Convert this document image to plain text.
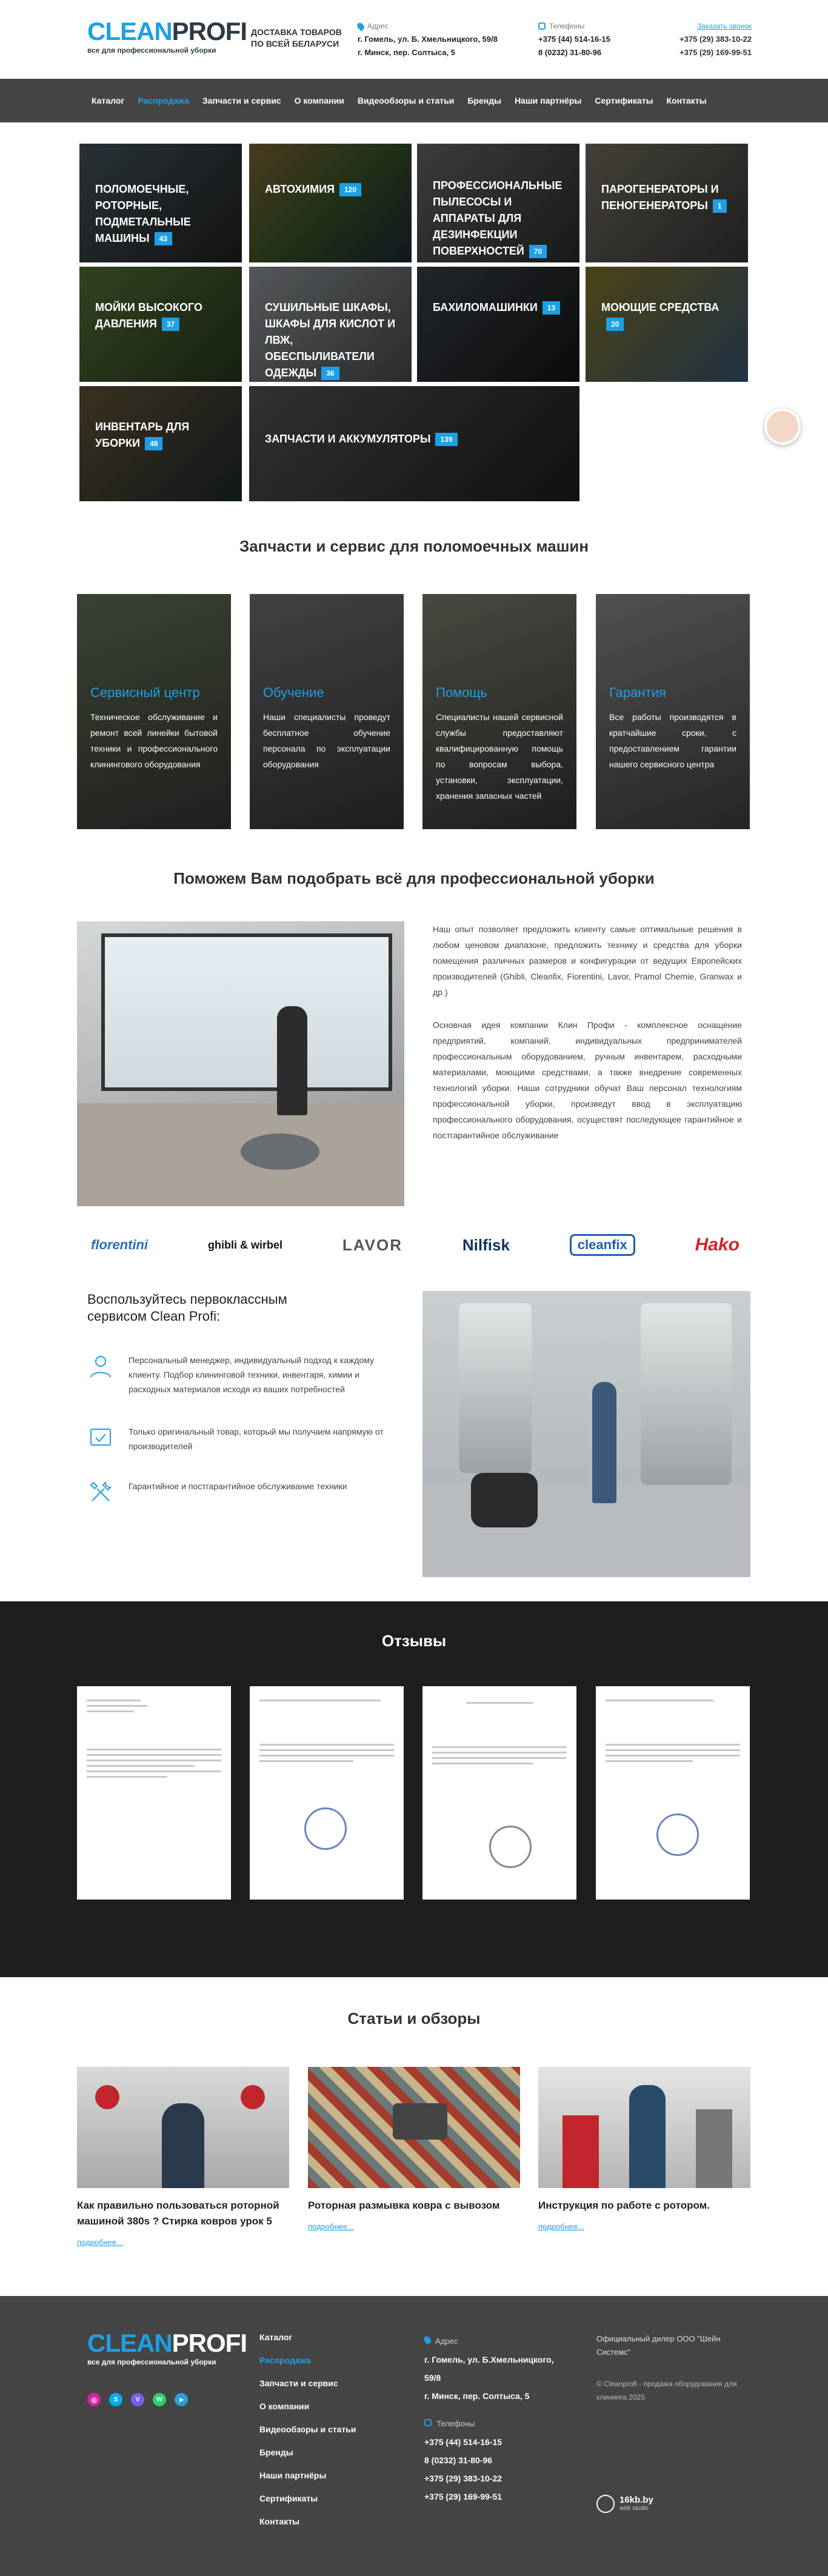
CLEANPROFI
все для профессиональной уборки
ДОСТАВКА ТОВАРОВ ПО ВСЕЙ БЕЛАРУСИ
Адрес
г. Гомель, ул. Б. Хмельницкого, 59/8
г. Минск, пер. Солтыса, 5
Телефоны
+375 (44) 514-16-15
8 (0232) 31-80-96
Заказать звонок
+375 (29) 383-10-22
+375 (29) 169-99-51
Каталог	Распродажа	Запчасти и сервис	О компании	Видеообзоры и статьи	Бренды	Наши партнёры	Сертификаты	Контакты
ПОЛОМОЕЧНЫЕ, РОТОРНЫЕ, ПОДМЕТАЛЬНЫЕ МАШИНЫ 43
АВТОХИМИЯ 120	ПРОФЕССИОНАЛЬНЫЕ ПЫЛЕСОСЫ И АППАРАТЫ ДЛЯ ДЕЗИНФЕКЦИИ ПОВЕРХНОСТЕЙ 70
ПАРОГЕНЕРАТОРЫ И ПЕНОГЕНЕРАТОРЫ 1
МОЙКИ ВЫСОКОГО ДАВЛЕНИЯ 37
СУШИЛЬНЫЕ ШКАФЫ, ШКАФЫ ДЛЯ КИСЛОТ И ЛВЖ, ОБЕСПЫЛИВАТЕЛИ ОДЕЖДЫ 36
БАХИЛОМАШИНКИ 13	МОЮЩИЕ СРЕДСТВА20
ИНВЕНТАРЬ ДЛЯ УБОРКИ 48	ЗАПЧАСТИ И АККУМУЛЯТОРЫ 139
Запчасти и сервис для поломоечных машин
Сервисный центр

Техническое обслуживание и ремонт всей линейки бытовой техники и профессионального клинингового оборудования

Обучение

Наши специалисты проведут бесплатное обучение персонала по эксплуатации оборудования

Помощь

Специалисты нашей сервисной службы предоставляют квалифицированную помощь по вопросам выбора, установки, эксплуатации, хранения запасных частей

Гарантия

Все работы производятся в кратчайшие сроки, с предоставлением гарантии нашего сервисного центра

Поможем Вам подобрать всё для профессиональной уборки

Наш опыт позволяет предложить клиенту самые оптимальные решения в любом ценовом диапазоне, предложить технику и средства для уборки помещения различных размеров и конфигурации от ведущих Европейских производителей (Ghibli, Cleanfix, Fiorentini, Lavor, Pramol Chemie, Granwax и др.)

Основная идея компании Клин Профи - комплексное оснащение предприятий, компаний, индивидуальных предпринимателей профессиональным оборудованием, ручным инвентарем, расходными материалами, моющими средствами, а также внедрение современных технологий уборки. Наши сотрудники обучат Ваш персонал технологиям профессиональной уборки, произведут ввод в эксплуатацию профессионального оборудования, осуществят последующее гарантийное и постгарантийное обслуживание

florentini	ghibli & wirbel	LAVOR	Nilfisk	cleanfix	Hako
Воспользуйтесь первоклассным сервисом Clean Profi:
Персональный менеджер, индивидуальный подход к каждому клиенту. Подбор клининговой техники, инвентаря, химии и расходных материалов исходя из ваших потребностей
Только оригинальный товар, который мы получаем напрямую от производителей
Гарантийное и постгарантийное обслуживание техники
Отзывы
Статьи и обзоры
Как правильно пользоваться роторной машиной 380s ? Стирка ковров урок 5
подробнее...
Роторная размывка ковра с вывозом
подробнее...
Инструкция по работе с ротором.
подробнее...
CLEANPROFI
все для профессиональной уборки
◎	S	V	W	➤
Каталог
Распродажа
Запчасти и сервис
О компании
Видеообзоры и статьи
Бренды
Наши партнёры
Сертификаты
Контакты
Адрес
г. Гомель, ул. Б.Хмельницкого,
59/8
г. Минск, пер. Солтыса, 5
Телефоны
+375 (44) 514-16-15
8 (0232) 31-80-96
+375 (29) 383-10-22
+375 (29) 169-99-51
Официальный дилер ООО "Шейн Системс"
© Cleanprofi - продажа оборудования для клининга 2025
16kb.by
web studio
